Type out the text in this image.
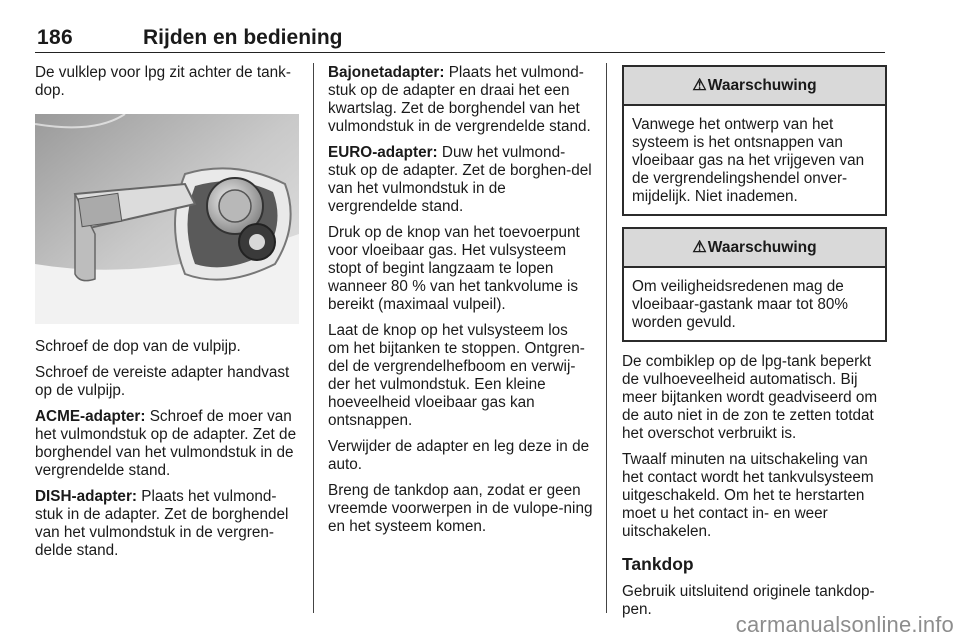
186	Rijden en bediening

De vulklep voor lpg zit achter de tank-dop.

Schroef de dop van de vulpijp.

Schroef de vereiste adapter handvast op de vulpijp.

ACME-adapter: Schroef de moer van het vulmondstuk op de adapter. Zet de borghendel van het vulmondstuk in de vergrendelde stand.

DISH-adapter: Plaats het vulmond-stuk in de adapter. Zet de borghendel van het vulmondstuk in de vergren-delde stand.

Bajonetadapter: Plaats het vulmond-stuk op de adapter en draai het een kwartslag. Zet de borghendel van het vulmondstuk in de vergrendelde stand.

EURO-adapter: Duw het vulmond-stuk op de adapter. Zet de borghen-del van het vulmondstuk in de vergrendelde stand.

Druk op de knop van het toevoerpunt voor vloeibaar gas. Het vulsysteem stopt of begint langzaam te lopen wanneer 80 % van het tankvolume is bereikt (maximaal vulpeil).

Laat de knop op het vulsysteem los om het bijtanken te stoppen. Ontgren-del de vergrendelhefboom en verwij-der het vulmondstuk. Een kleine hoeveelheid vloeibaar gas kan ontsnappen.

Verwijder de adapter en leg deze in de auto.

Breng de tankdop aan, zodat er geen vreemde voorwerpen in de vulope-ning en het systeem komen.

⚠ Waarschuwing
Vanwege het ontwerp van het systeem is het ontsnappen van vloeibaar gas na het vrijgeven van de vergrendelingshendel onver-mijdelijk. Niet inademen.
⚠ Waarschuwing
Om veiligheidsredenen mag de vloeibaar-gastank maar tot 80% worden gevuld.

De combiklep op de lpg-tank beperkt de vulhoeveelheid automatisch. Bij meer bijtanken wordt geadviseerd om de auto niet in de zon te zetten totdat het overschot verbruikt is.

Twaalf minuten na uitschakeling van het contact wordt het tankvulsysteem uitgeschakeld. Om het te herstarten moet u het contact in- en weer uitschakelen.

Tankdop

Gebruik uitsluitend originele tankdop-pen.

carmanualsonline.info
